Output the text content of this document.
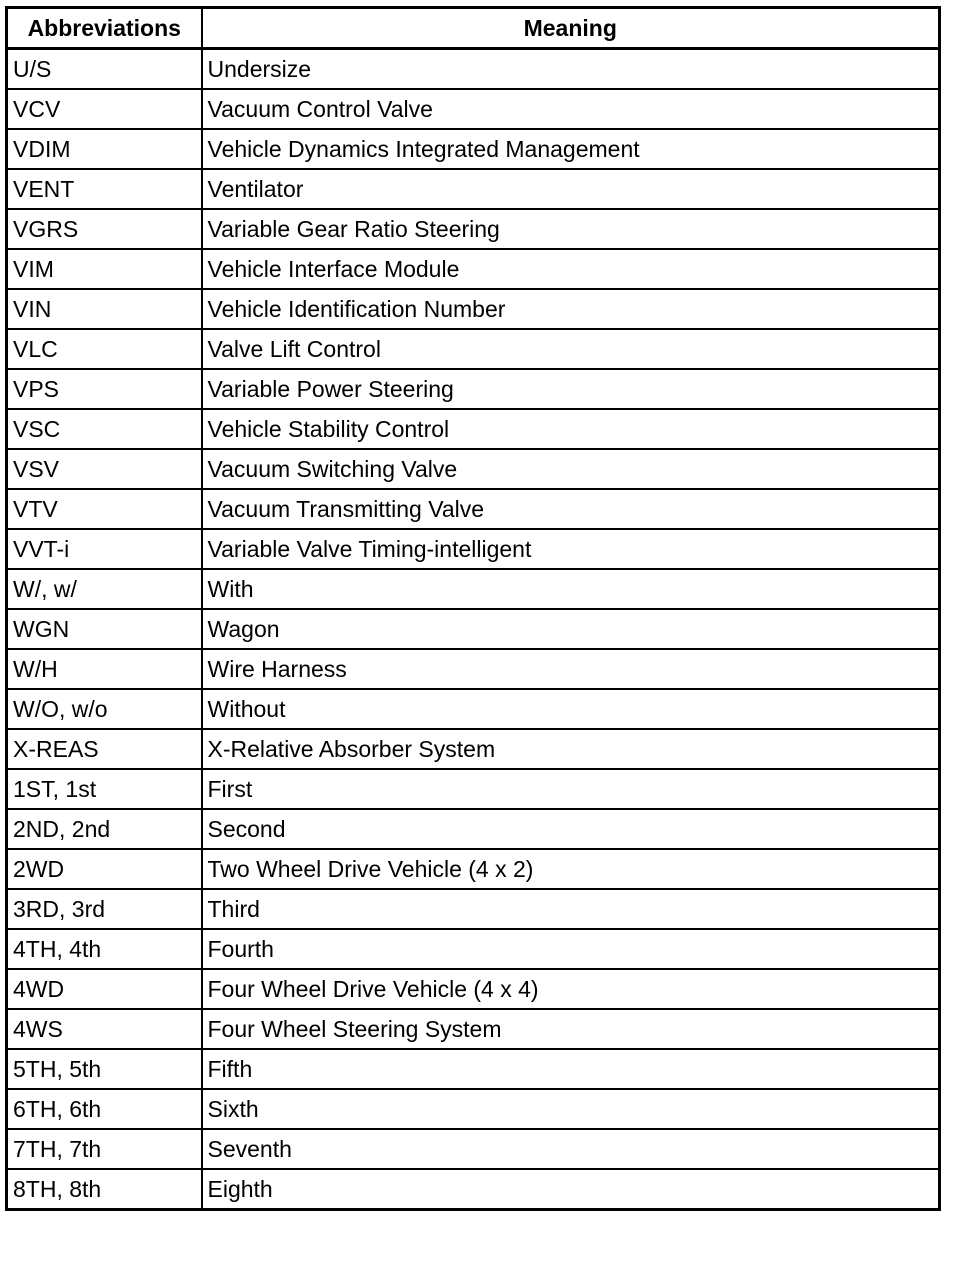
Abbreviations	Meaning
U/S	Undersize
VCV	Vacuum Control Valve
VDIM	Vehicle Dynamics Integrated Management
VENT	Ventilator
VGRS	Variable Gear Ratio Steering
VIM	Vehicle Interface Module
VIN	Vehicle Identification Number
VLC	Valve Lift Control
VPS	Variable Power Steering
VSC	Vehicle Stability Control
VSV	Vacuum Switching Valve
VTV	Vacuum Transmitting Valve
VVT-i	Variable Valve Timing-intelligent
W/, w/	With
WGN	Wagon
W/H	Wire Harness
W/O, w/o	Without
X-REAS	X-Relative Absorber System
1ST, 1st	First
2ND, 2nd	Second
2WD	Two Wheel Drive Vehicle (4 x 2)
3RD, 3rd	Third
4TH, 4th	Fourth
4WD	Four Wheel Drive Vehicle (4 x 4)
4WS	Four Wheel Steering System
5TH, 5th	Fifth
6TH, 6th	Sixth
7TH, 7th	Seventh
8TH, 8th	Eighth
